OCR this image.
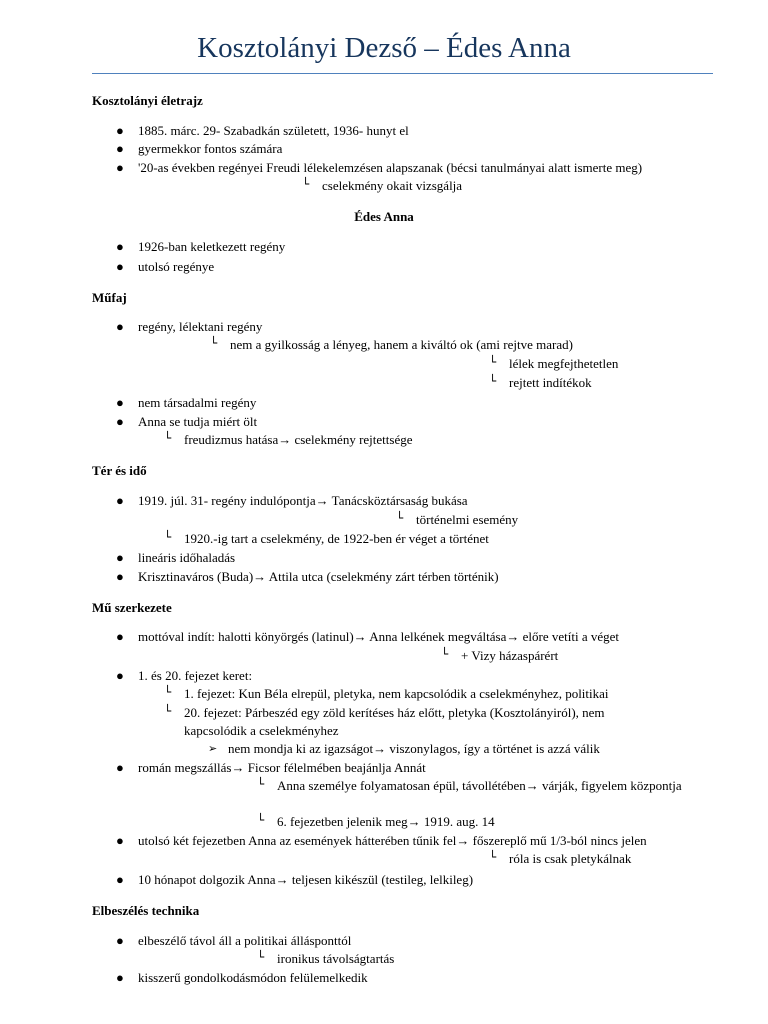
Kosztolányi Dezső – Édes Anna
Kosztolányi életrajz
● 1885. márc. 29- Szabadkán született, 1936- hunyt el
● gyermekkor fontos számára
● '20-as években regényei Freudi lélekelemzésen alapszanak (bécsi tanulmányai alatt ismerte meg)
└ cselekmény okait vizsgálja
Édes Anna
● 1926-ban keletkezett regény
● utolsó regénye
Műfaj
● regény, lélektani regény
└ nem a gyilkosság a lényeg, hanem a kiváltó ok (ami rejtve marad)
└ lélek megfejthetetlen
└ rejtett indítékok
● nem társadalmi regény
● Anna se tudja miért ölt
└ freudizmus hatása→ cselekmény rejtettsége
Tér és idő
● 1919. júl. 31- regény indulópontja→ Tanácsköztársaság bukása
└ történelmi esemény
└ 1920.-ig tart a cselekmény, de 1922-ben ér véget a történet
● lineáris időhaladás
● Krisztinaváros (Buda)→ Attila utca (cselekmény zárt térben történik)
Mű szerkezete
● mottóval indít: halotti könyörgés (latinul)→ Anna lelkének megváltása→ előre vetíti a véget
└ + Vizy házaspárért
● 1. és 20. fejezet keret:
└ 1. fejezet: Kun Béla elrepül, pletyka, nem kapcsolódik a cselekményhez, politikai
└ 20. fejezet: Párbeszéd egy zöld kerítéses ház előtt, pletyka (Kosztolányiról), nem kapcsolódik a cselekményhez
➢ nem mondja ki az igazságot→ viszonylagos, így a történet is azzá válik
● román megszállás→ Ficsor félelmében beajánlja Annát
└ Anna személye folyamatosan épül, távollétében→ várják, figyelem központja
└ 6. fejezetben jelenik meg→ 1919. aug. 14
● utolsó két fejezetben Anna az események hátterében tűnik fel→ főszereplő mű 1/3-ból nincs jelen
└ róla is csak pletykálnak
● 10 hónapot dolgozik Anna→ teljesen kikészül (testileg, lelkileg)
Elbeszélés technika
● elbeszélő távol áll a politikai állásponttól
└ ironikus távolságtartás
● kisszerű gondolkodásmódon felülemelkedik
